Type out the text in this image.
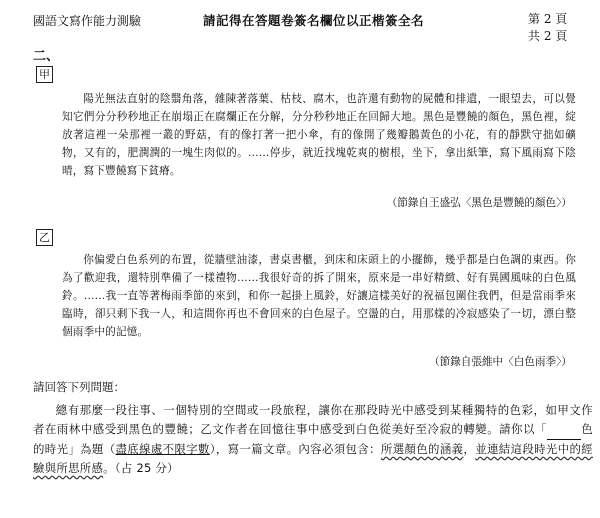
國語文寫作能力測驗	請記得在答題卷簽名欄位以正楷簽全名	第 2 頁
共 2 頁
二、
甲

陽光無法直射的陰翳角落，雜陳著落葉、枯枝、腐木，也許還有動物的屍體和排遺，一眼望去，可以覺知它們分分秒秒地正在崩塌正在腐爛正在分解，分分秒秒地正在回歸大地。黑色是豐饒的顏色，黑色裡，綻放著這裡一朵那裡一叢的野菇，有的像打著一把小傘，有的像開了幾瓣鵝黃色的小花，有的靜默守拙如礦物，又有的，肥潤潤的一塊生肉似的。……停步，就近找塊乾爽的樹根，坐下，拿出紙筆，寫下風雨寫下陰晴，寫下豐饒寫下貧瘠。

（節錄自王盛弘〈黑色是豐饒的顏色〉）
乙

你偏愛白色系列的布置，從牆壁油漆，書桌書櫃，到床和床頭上的小擺飾，幾乎都是白色調的東西。你為了歡迎我，還特別準備了一樣禮物……我很好奇的拆了開來，原來是一串好精緻、好有異國風味的白色風鈴。……我一直等著梅雨季節的來到，和你一起掛上風鈴，好讓這樣美好的祝福包圍住我們，但是當雨季來臨時，卻只剩下我一人，和這間你再也不會回來的白色屋子。空盪的白，用那樣的冷寂感染了一切，漂白整個雨季中的記憶。

（節錄自張維中〈白色雨季〉）
請回答下列問題：

總有那麼一段往事、一個特別的空間或一段旅程，讓你在那段時光中感受到某種獨特的色彩，如甲文作者在雨林中感受到黑色的豐饒；乙文作者在回憶往事中感受到白色從美好至冷寂的轉變。請你以「	色的時光」為題（盡底線處不限字數），寫一篇文章。內容必須包含：所選顏色的涵義，並連結這段時光中的經驗與所思所感。（占 25 分）
